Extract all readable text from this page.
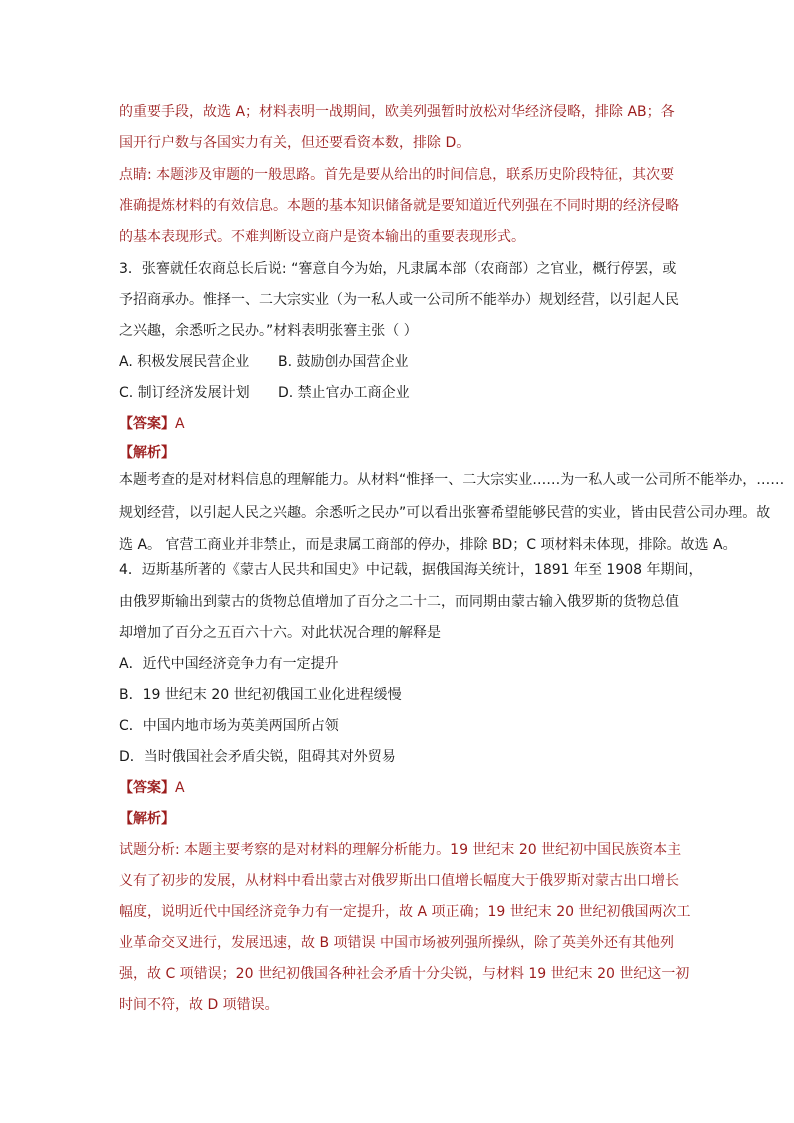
的重要手段，故选 A；材料表明一战期间，欧美列强暂时放松对华经济侵略，排除 AB；各
国开行户数与各国实力有关，但还要看资本数，排除 D。
点睛: 本题涉及审题的一般思路。首先是要从给出的时间信息，联系历史阶段特征，其次要
准确提炼材料的有效信息。本题的基本知识储备就是要知道近代列强在不同时期的经济侵略
的基本表现形式。不难判断设立商户是资本输出的重要表现形式。
3．张謇就任农商总长后说: “謇意自今为始，凡隶属本部（农商部）之官业，概行停罢，或
予招商承办。惟择一、二大宗实业（为一私人或一公司所不能举办）规划经营，以引起人民
之兴趣，余悉听之民办。”材料表明张謇主张（ ）
A. 积极发展民营企业 B. 鼓励创办国营企业
C. 制订经济发展计划 D. 禁止官办工商企业
【答案】A
【解析】
本题考查的是对材料信息的理解能力。从材料“惟择一、二大宗实业……为一私人或一公司所不能举办，……
规划经营，以引起人民之兴趣。余悉听之民办”可以看出张謇希望能够民营的实业，皆由民营公司办理。故
选 A。 官营工商业并非禁止，而是隶属工商部的停办，排除 BD；C 项材料未体现，排除。故选 A。
4．迈斯基所著的《蒙古人民共和国史》中记载，据俄国海关统计，1891 年至 1908 年期间，
由俄罗斯输出到蒙古的货物总值增加了百分之二十二，而同期由蒙古输入俄罗斯的货物总值
却增加了百分之五百六十六。对此状况合理的解释是
A．近代中国经济竞争力有一定提升
B．19 世纪末 20 世纪初俄国工业化进程缓慢
C．中国内地市场为英美两国所占领
D．当时俄国社会矛盾尖锐，阻碍其对外贸易
【答案】A
【解析】
试题分析: 本题主要考察的是对材料的理解分析能力。19 世纪末 20 世纪初中国民族资本主
义有了初步的发展，从材料中看出蒙古对俄罗斯出口值增长幅度大于俄罗斯对蒙古出口增长
幅度，说明近代中国经济竞争力有一定提升，故 A 项正确；19 世纪末 20 世纪初俄国两次工
业革命交叉进行，发展迅速，故 B 项错误 中国市场被列强所操纵，除了英美外还有其他列
强，故 C 项错误；20 世纪初俄国各种社会矛盾十分尖锐，与材料 19 世纪末 20 世纪这一初
时间不符，故 D 项错误。
